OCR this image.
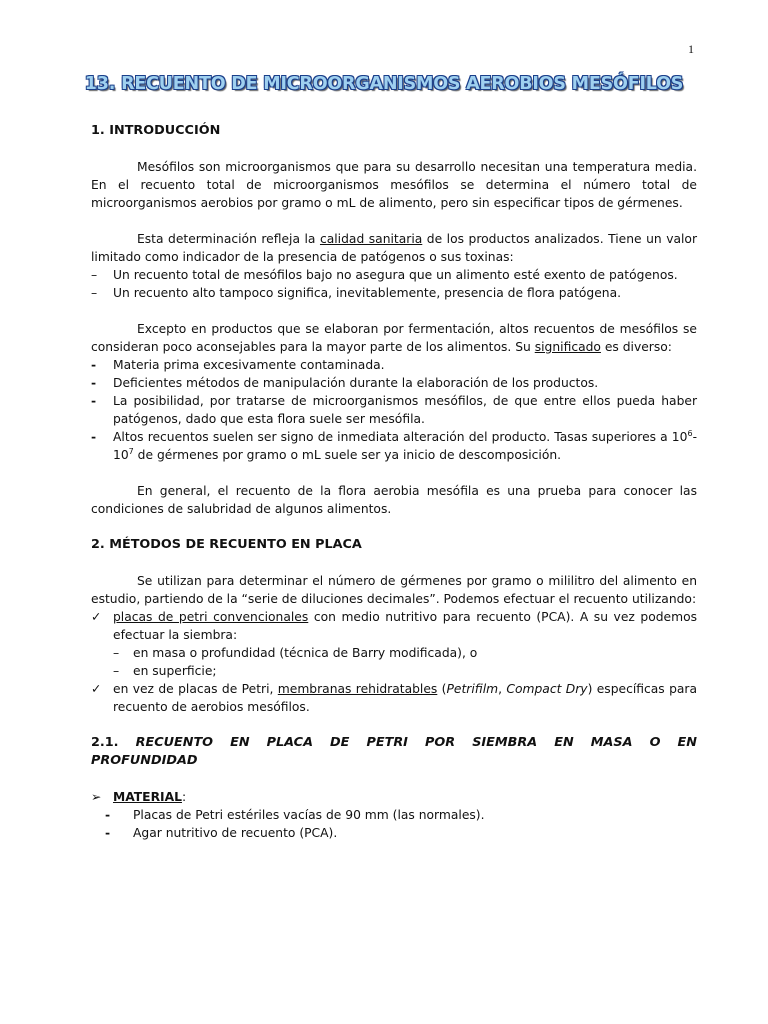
1
13. RECUENTO DE MICROORGANISMOS AEROBIOS MESÓFILOS
1. INTRODUCCIÓN

Mesófilos son microorganismos que para su desarrollo necesitan una temperatura media. En el recuento total de microorganismos mesófilos se determina el número total de microorganismos aerobios por gramo o mL de alimento, pero sin especificar tipos de gérmenes.

Esta determinación refleja la calidad sanitaria de los productos analizados. Tiene un valor limitado como indicador de la presencia de patógenos o sus toxinas:

– Un recuento total de mesófilos bajo no asegura que un alimento esté exento de patógenos.
– Un recuento alto tampoco significa, inevitablemente, presencia de flora patógena.

Excepto en productos que se elaboran por fermentación, altos recuentos de mesófilos se consideran poco aconsejables para la mayor parte de los alimentos. Su significado es diverso:

- Materia prima excesivamente contaminada.
- Deficientes métodos de manipulación durante la elaboración de los productos.
- La posibilidad, por tratarse de microorganismos mesófilos, de que entre ellos pueda haber patógenos, dado que esta flora suele ser mesófila.
- Altos recuentos suelen ser signo de inmediata alteración del producto. Tasas superiores a $10^6-10^7$ de gérmenes por gramo o mL suele ser ya inicio de descomposición.

En general, el recuento de la flora aerobia mesófila es una prueba para conocer las condiciones de salubridad de algunos alimentos.

2. MÉTODOS DE RECUENTO EN PLACA

Se utilizan para determinar el número de gérmenes por gramo o mililitro del alimento en estudio, partiendo de la “serie de diluciones decimales”. Podemos efectuar el recuento utilizando:

✓ placas de petri convencionales con medio nutritivo para recuento (PCA). A su vez podemos efectuar la siembra:
– en masa o profundidad (técnica de Barry modificada), o
– en superficie;
✓ en vez de placas de Petri, membranas rehidratables (Petrifilm, Compact Dry) específicas para recuento de aerobios mesófilos.
2.1. RECUENTO EN PLACA DE PETRI POR SIEMBRA EN MASA O EN
PROFUNDIDAD
➢ MATERIAL:
- Placas de Petri estériles vacías de 90 mm (las normales).
- Agar nutritivo de recuento (PCA).
